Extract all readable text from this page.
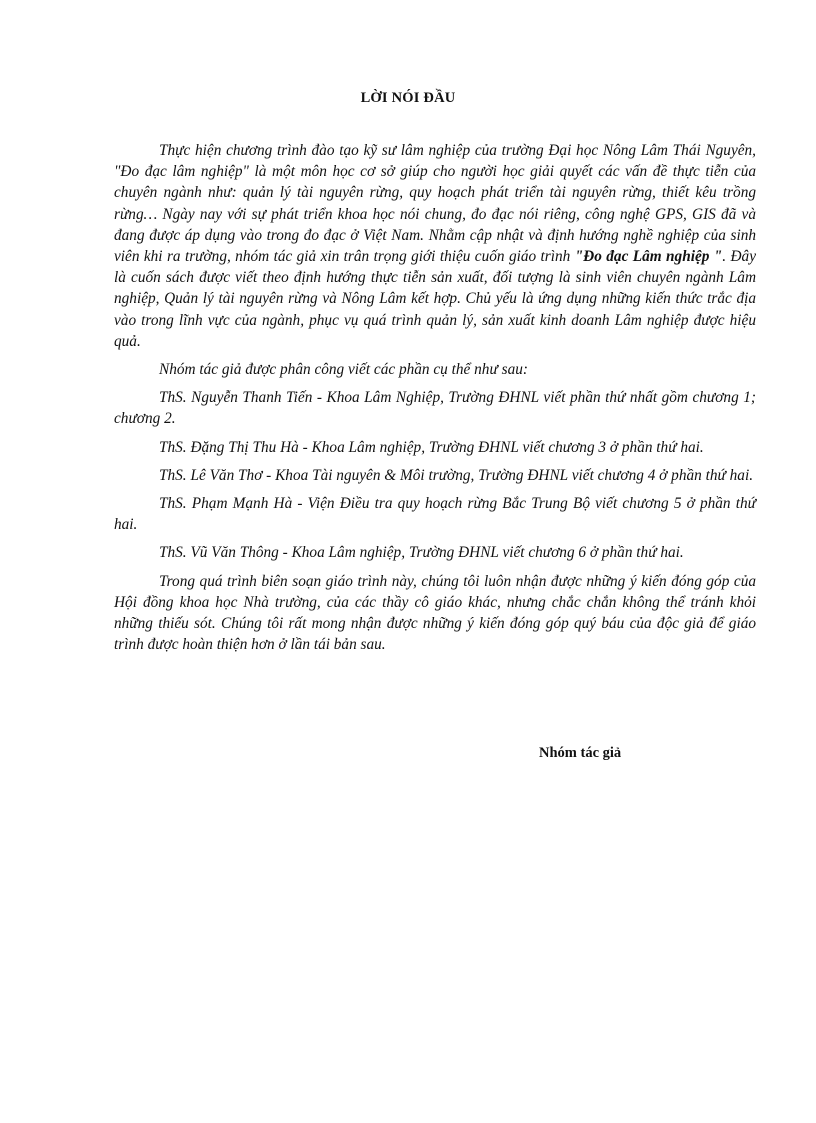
LỜI NÓI ĐẦU

Thực hiện chương trình đào tạo kỹ sư lâm nghiệp của trường Đại học Nông Lâm Thái Nguyên, "Đo đạc lâm nghiệp" là một môn học cơ sở giúp cho người học giải quyết các vấn đề thực tiễn của chuyên ngành như: quản lý tài nguyên rừng, quy hoạch phát triển tài nguyên rừng, thiết kêu trồng rừng… Ngày nay với sự phát triển khoa học nói chung, đo đạc nói riêng, công nghệ GPS, GIS đã và đang được áp dụng vào trong đo đạc ở Việt Nam. Nhằm cập nhật và định hướng nghề nghiệp của sinh viên khi ra trường, nhóm tác giả xin trân trọng giới thiệu cuốn giáo trình "Đo đạc Lâm nghiệp ". Đây là cuốn sách được viết theo định hướng thực tiễn sản xuất, đối tượng là sinh viên chuyên ngành Lâm nghiệp, Quản lý tài nguyên rừng và Nông Lâm kết hợp. Chủ yếu là ứng dụng những kiến thức trắc địa vào trong lĩnh vực của ngành, phục vụ quá trình quản lý, sản xuất kinh doanh Lâm nghiệp được hiệu quả.

Nhóm tác giả được phân công viết các phần cụ thể như sau:

ThS. Nguyễn Thanh Tiến - Khoa Lâm Nghiệp, Trường ĐHNL viết phần thứ nhất gồm chương 1; chương 2.

ThS. Đặng Thị Thu Hà - Khoa Lâm nghiệp, Trường ĐHNL viết chương 3 ở phần thứ hai.

ThS. Lê Văn Thơ - Khoa Tài nguyên & Môi trường, Trường ĐHNL viết chương 4 ở phần thứ hai.

ThS. Phạm Mạnh Hà - Viện Điều tra quy hoạch rừng Bắc Trung Bộ viết chương 5 ở phần thứ hai.

ThS. Vũ Văn Thông - Khoa Lâm nghiệp, Trường ĐHNL viết chương 6 ở phần thứ hai.

Trong quá trình biên soạn giáo trình này, chúng tôi luôn nhận được những ý kiến đóng góp của Hội đồng khoa học Nhà trường, của các thầy cô giáo khác, nhưng chắc chắn không thể tránh khỏi những thiếu sót. Chúng tôi rất mong nhận được những ý kiến đóng góp quý báu của độc giả để giáo trình được hoàn thiện hơn ở lần tái bản sau.

Nhóm tác giả
